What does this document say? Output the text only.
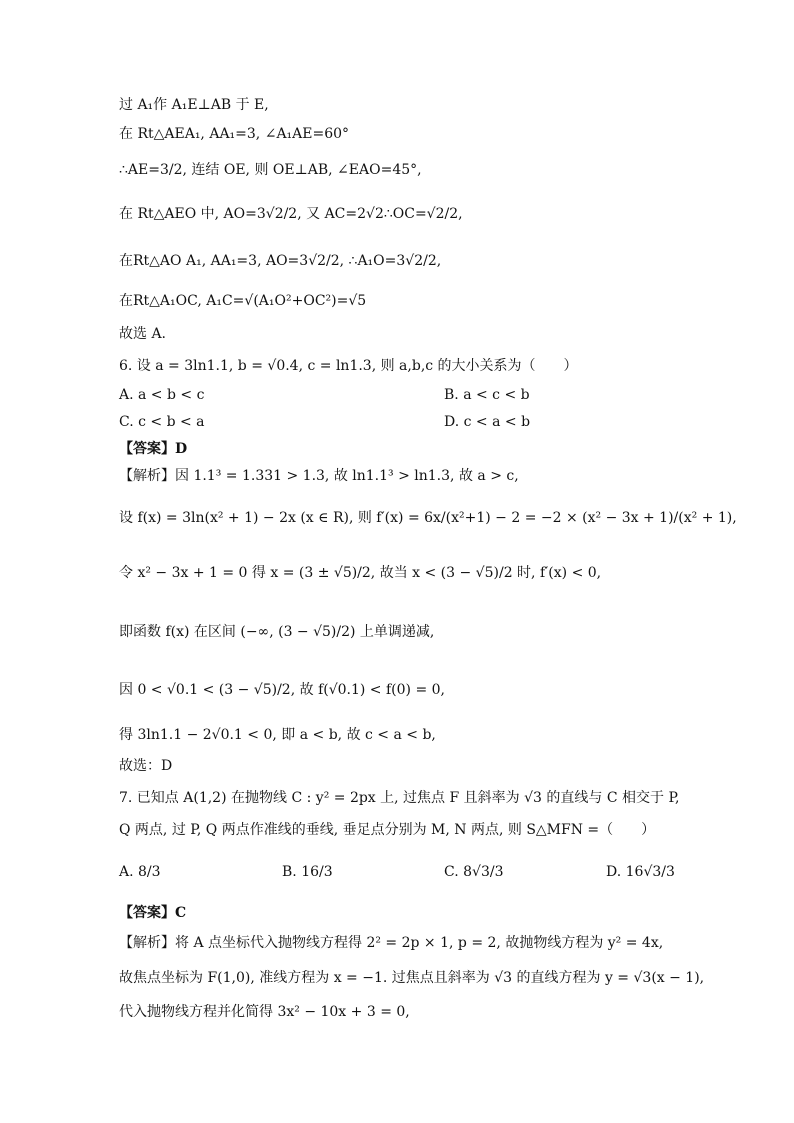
过 A₁作 A₁E⊥AB 于 E,
在 Rt△AEA₁, AA₁=3, ∠A₁AE=60°
∴AE=3/2, 连结 OE, 则 OE⊥AB, ∠EAO=45°,
在 Rt△AEO 中, AO=3√2/2, 又 AC=2√2∴OC=√2/2,
在Rt△AO A₁, AA₁=3, AO=3√2/2, ∴A₁O=3√2/2,
在Rt△A₁OC, A₁C=√(A₁O²+OC²)=√5
故选 A.
6. 设 a = 3ln1.1, b = √0.4, c = ln1.3, 则 a,b,c 的大小关系为（　　）
A. a < b < c	B. a < c < b
C. c < b < a	D. c < a < b
【答案】D
【解析】因 1.1³ = 1.331 > 1.3, 故 ln1.1³ > ln1.3, 故 a > c,
设 f(x) = 3ln(x² + 1) − 2x (x ∈ R), 则 f′(x) = 6x/(x²+1) − 2 = −2 × (x² − 3x + 1)/(x² + 1),
令 x² − 3x + 1 = 0 得 x = (3 ± √5)/2, 故当 x < (3 − √5)/2 时, f′(x) < 0,
即函数 f(x) 在区间 (−∞, (3 − √5)/2) 上单调递减,
因 0 < √0.1 < (3 − √5)/2, 故 f(√0.1) < f(0) = 0,
得 3ln1.1 − 2√0.1 < 0, 即 a < b, 故 c < a < b,
故选：D
7. 已知点 A(1,2) 在抛物线 C : y² = 2px 上, 过焦点 F 且斜率为 √3 的直线与 C 相交于 P,
Q 两点, 过 P, Q 两点作准线的垂线, 垂足点分别为 M, N 两点, 则 S△MFN =（　　）
A. 8/3	B. 16/3	C. 8√3/3	D. 16√3/3
【答案】C
【解析】将 A 点坐标代入抛物线方程得 2² = 2p × 1, p = 2, 故抛物线方程为 y² = 4x,
故焦点坐标为 F(1,0), 准线方程为 x = −1. 过焦点且斜率为 √3 的直线方程为 y = √3(x − 1),
代入抛物线方程并化简得 3x² − 10x + 3 = 0,
